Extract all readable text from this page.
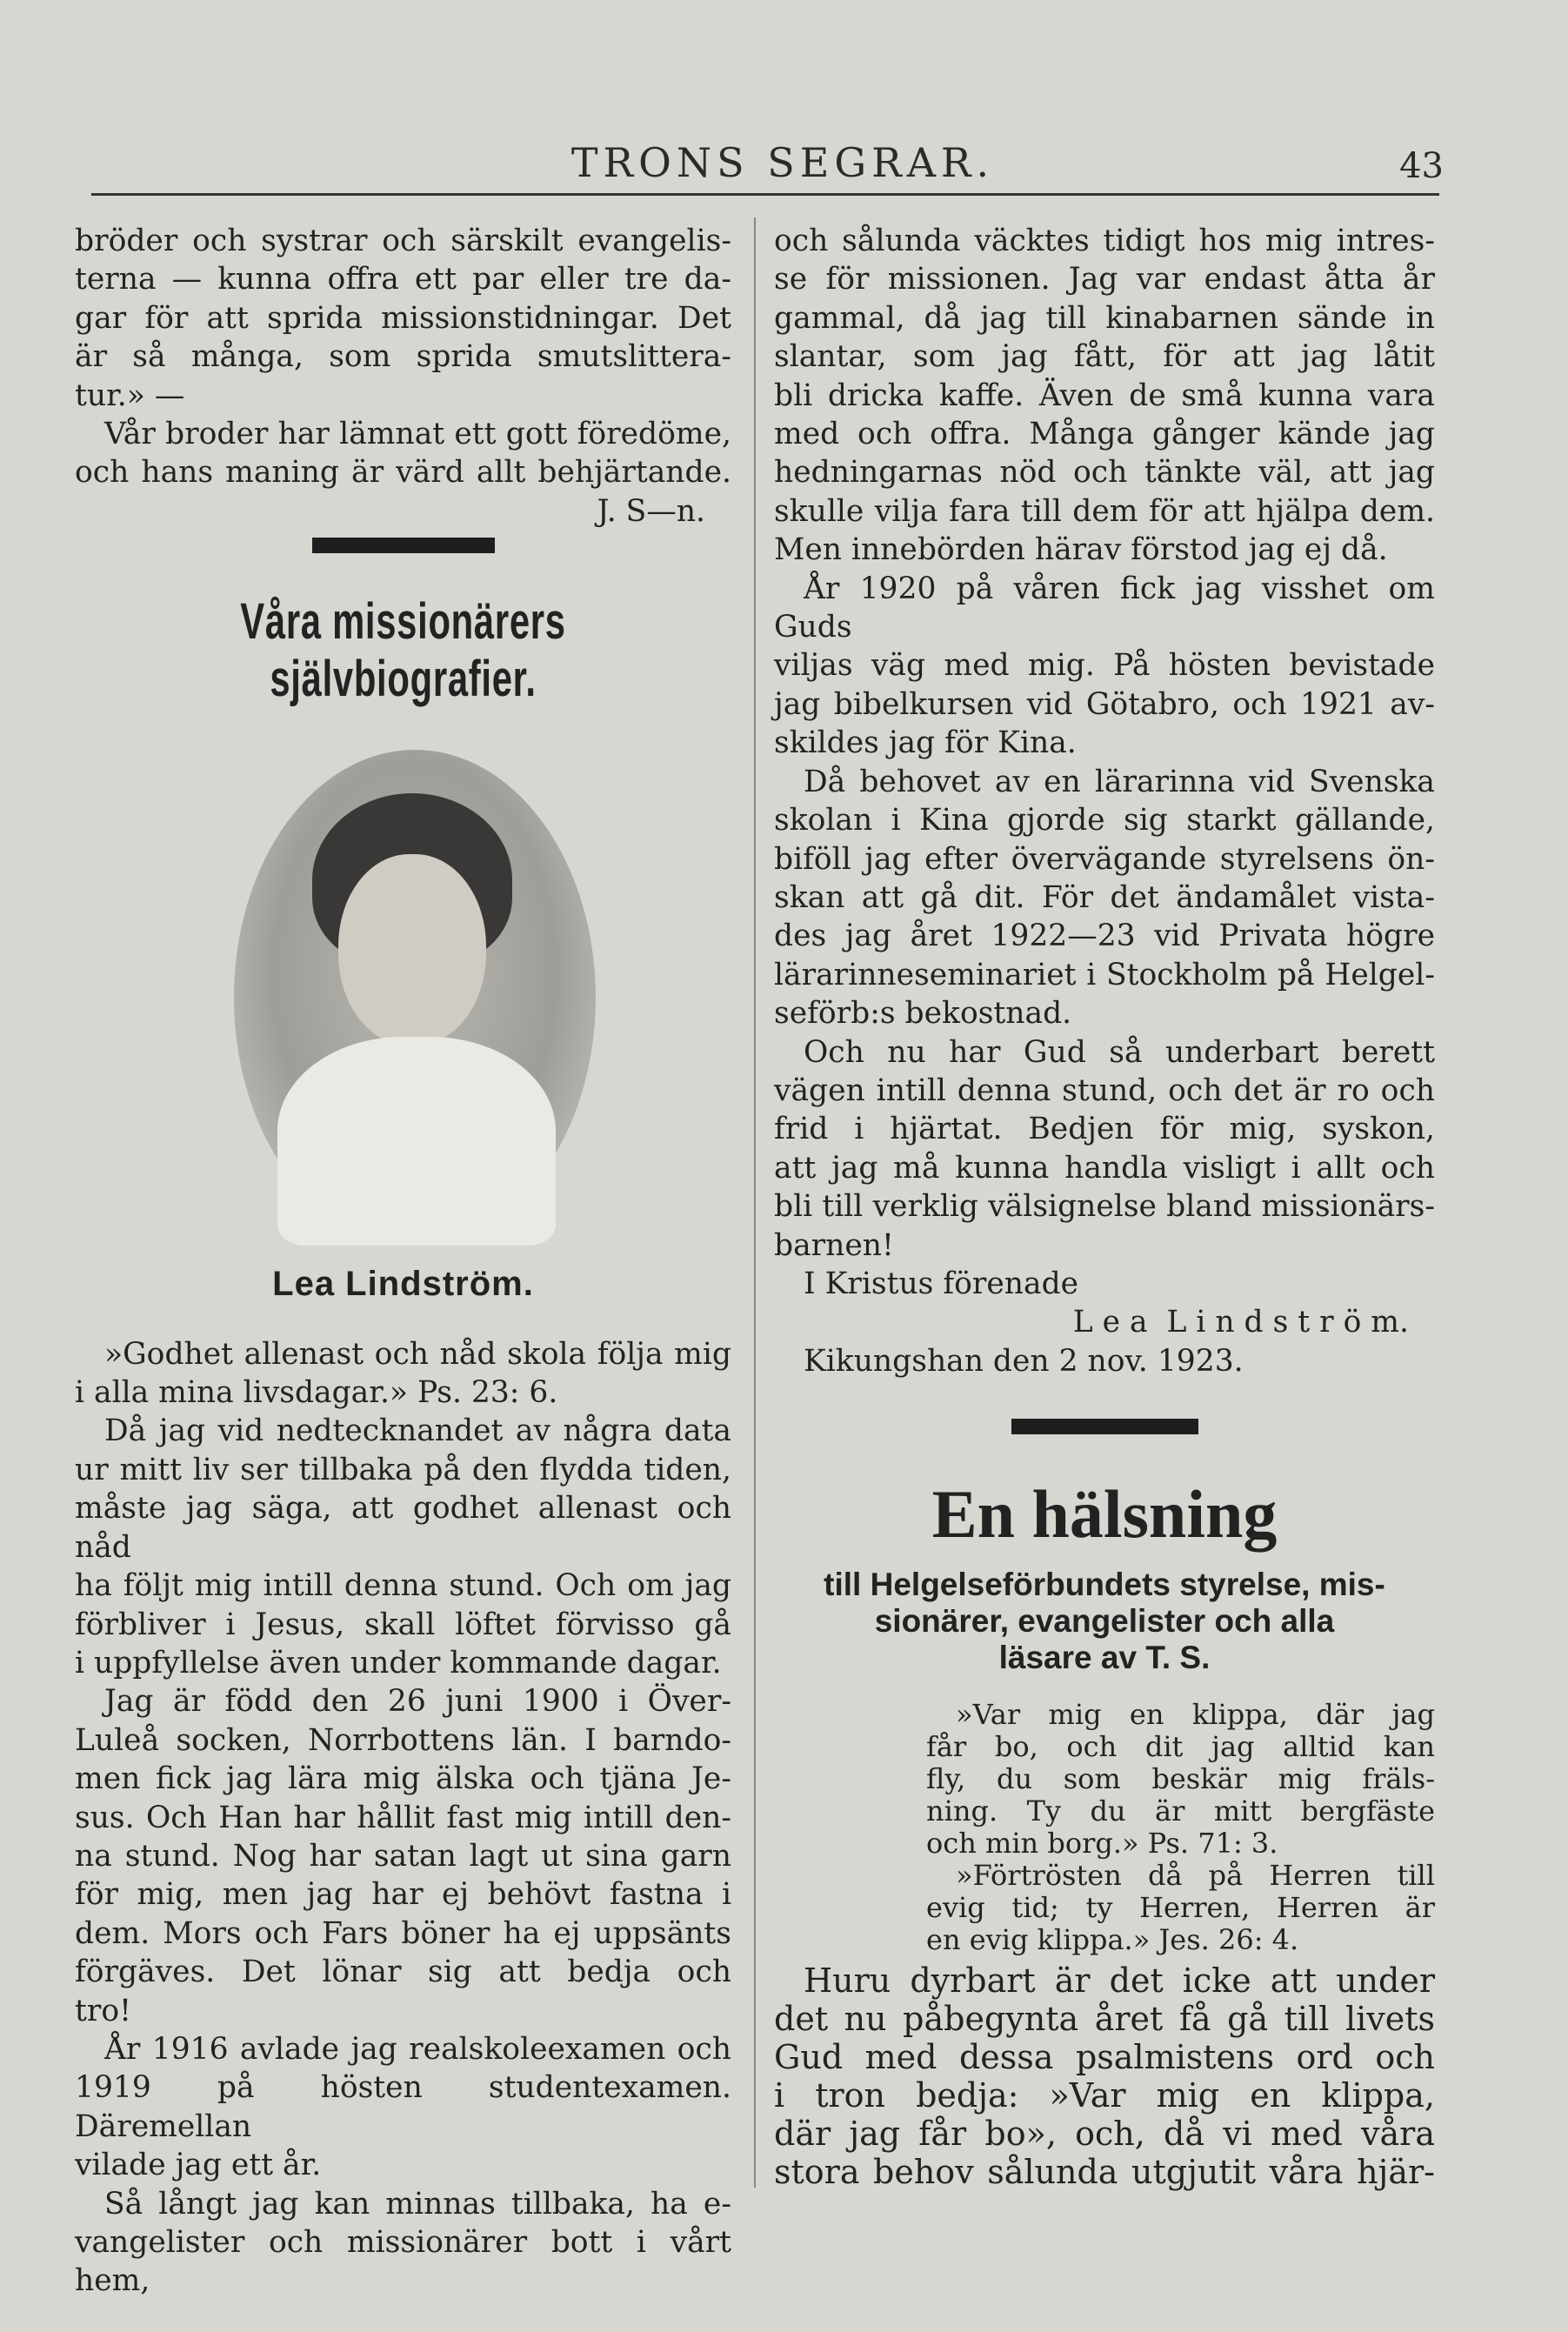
TRONS SEGRAR.	43

bröder och systrar och särskilt evangelis-

terna — kunna offra ett par eller tre da-

gar för att sprida missionstidningar. Det

är så många, som sprida smutslittera-

tur.» —

Vår broder har lämnat ett gott föredöme,

och hans maning är värd allt behjärtande.

J. S—n.

Våra missionärers självbiografier.
Lea Lindström.

»Godhet allenast och nåd skola följa mig

i alla mina livsdagar.» Ps. 23: 6.

Då jag vid nedtecknandet av några data

ur mitt liv ser tillbaka på den flydda tiden,

måste jag säga, att godhet allenast och nåd

ha följt mig intill denna stund. Och om jag

förbliver i Jesus, skall löftet förvisso gå

i uppfyllelse även under kommande dagar.

Jag är född den 26 juni 1900 i Över-

Luleå socken, Norrbottens län. I barndo-

men fick jag lära mig älska och tjäna Je-

sus. Och Han har hållit fast mig intill den-

na stund. Nog har satan lagt ut sina garn

för mig, men jag har ej behövt fastna i

dem. Mors och Fars böner ha ej uppsänts

förgäves. Det lönar sig att bedja och

tro!

År 1916 avlade jag realskoleexamen och

1919 på hösten studentexamen. Däremellan

vilade jag ett år.

Så långt jag kan minnas tillbaka, ha e-

vangelister och missionärer bott i vårt hem,

och sålunda väcktes tidigt hos mig intres-

se för missionen. Jag var endast åtta år

gammal, då jag till kinabarnen sände in

slantar, som jag fått, för att jag låtit

bli dricka kaffe. Även de små kunna vara

med och offra. Många gånger kände jag

hedningarnas nöd och tänkte väl, att jag

skulle vilja fara till dem för att hjälpa dem.

Men innebörden härav förstod jag ej då.

År 1920 på våren fick jag visshet om Guds

viljas väg med mig. På hösten bevistade

jag bibelkursen vid Götabro, och 1921 av-

skildes jag för Kina.

Då behovet av en lärarinna vid Svenska

skolan i Kina gjorde sig starkt gällande,

biföll jag efter övervägande styrelsens ön-

skan att gå dit. För det ändamålet vista-

des jag året 1922—23 vid Privata högre

lärarinneseminariet i Stockholm på Helgel-

seförb:s bekostnad.

Och nu har Gud så underbart berett

vägen intill denna stund, och det är ro och

frid i hjärtat. Bedjen för mig, syskon,

att jag må kunna handla visligt i allt och

bli till verklig välsignelse bland missionärs-

barnen!

I Kristus förenade

L e a  L i n d s t r ö m.

Kikungshan den 2 nov. 1923.

En hälsning
till Helgelseförbundets styrelse, mis-
sionärer, evangelister och alla
läsare av T. S.

»Var mig en klippa, där jag

får bo, och dit jag alltid kan

fly, du som beskär mig fräls-

ning. Ty du är mitt bergfäste

och min borg.» Ps. 71: 3.

»Förtrösten då på Herren till

evig tid; ty Herren, Herren är

en evig klippa.» Jes. 26: 4.

Huru dyrbart är det icke att under

det nu påbegynta året få gå till livets

Gud med dessa psalmistens ord och

i tron bedja: »Var mig en klippa,

där jag får bo», och, då vi med våra

stora behov sålunda utgjutit våra hjär-
